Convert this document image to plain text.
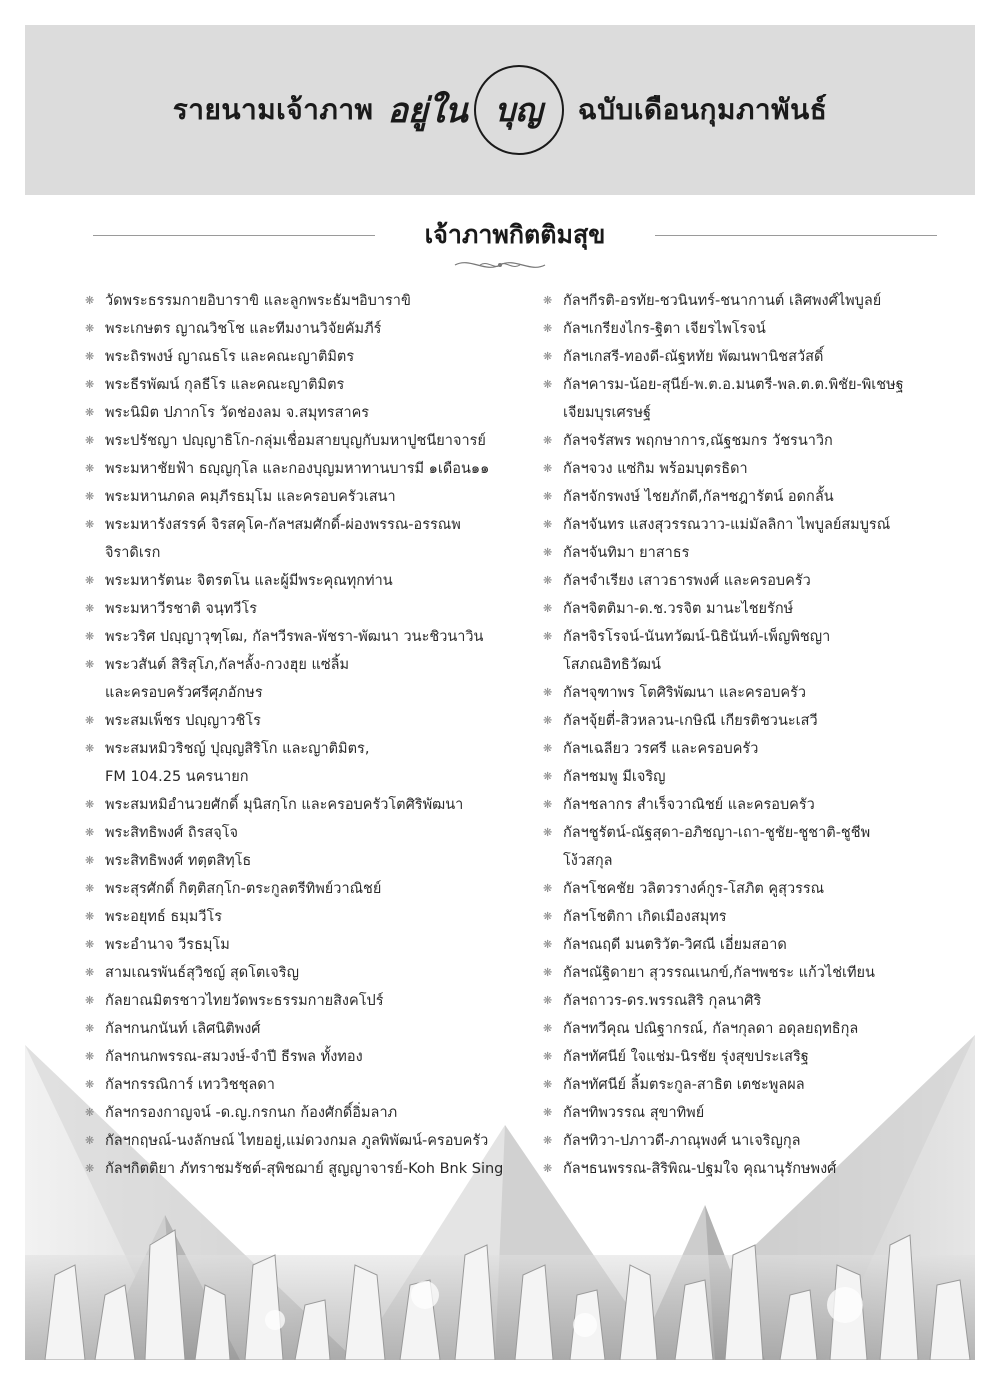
รายนามเจ้าภาพ อยู่ใน บุญ ฉบับเดือนกุมภาพันธ์
เจ้าภาพกิตติมสุข
❋ วัดพระธรรมกายอิบาราขิ และลูกพระธัมฯอิบาราขิ
❋ พระเกษตร ญาณวิชโช และทีมงานวิจัยคัมภีร์
❋ พระถิรพงษ์ ญาณธโร และคณะญาติมิตร
❋ พระธีรพัฒน์ กุลธีโร และคณะญาติมิตร
❋ พระนิมิต ปภากโร วัดช่องลม จ.สมุทรสาคร
❋ พระปรัชญา ปญฺญาธิโก-กลุ่มเชื่อมสายบุญกับมหาปูชนียาจารย์
❋ พระมหาชัยฟ้า ธญฺญกุโล และกองบุญมหาทานบารมี ๑เดือน๑๑
❋ พระมหานภดล คมฺภีรธมฺโม และครอบครัวเสนา
❋ พระมหารังสรรค์ จิรสคุโค-กัลฯสมศักดิ์-ผ่องพรรณ-อรรณพ
จิราดิเรก
❋ พระมหารัตนะ จิตรตโน และผู้มีพระคุณทุกท่าน
❋ พระมหาวีรชาติ จนฺทวีโร
❋ พระวริศ ปญฺญาวุฑฺโฒ, กัลฯวีรพล-พัชรา-พัฒนา วนะชิวนาวิน
❋ พระวสันต์ สิริสุโภ,กัลฯลั้ง-กวงฮุย แซ่ลิ้ม
และครอบครัวศรีศุภอักษร
❋ พระสมเพ็ชร ปญฺญาวชิโร
❋ พระสมหมิวริชญ์ ปุญฺญสิริโก และญาติมิตร,
FM 104.25 นครนายก
❋ พระสมหมิอำนวยศักดิ์ มุนิสกฺโก และครอบครัวโตศิริพัฒนา
❋ พระสิทธิพงศ์ ถิรสจฺโจ
❋ พระสิทธิพงศ์ ทตฺตสิทฺโธ
❋ พระสุรศักดิ์ กิตฺติสกฺโก-ตระกูลตรีทิพย์วาณิชย์
❋ พระอยุทธ์ ธมฺมวีโร
❋ พระอำนาจ วีรธมฺโม
❋ สามเณรพันธ์สุวิชญ์ สุดโตเจริญ
❋ กัลยาณมิตรชาวไทยวัดพระธรรมกายสิงคโปร์
❋ กัลฯกนกนันท์ เลิศนิติพงศ์
❋ กัลฯกนกพรรณ-สมวงษ์-จำปี ธีรพล ทั้งทอง
❋ กัลฯกรรณิการ์ เทววิชชุลดา
❋ กัลฯกรองกาญจน์ -ด.ญ.กรกนก ก้องศักดิ์อิ่มลาภ
❋ กัลฯกฤษณ์-นงลักษณ์ ไทยอยู่,แม่ดวงกมล ภูลพิพัฒน์-ครอบครัว
❋ กัลฯกิตติยา ภัทราชมรัชต์-สุพิชฌาย์ สูญญาจารย์-Koh Bnk Sing
❋ กัลฯกีรติ-อรทัย-ชวนินทร์-ชนากานต์ เลิศพงศ์ไพบูลย์
❋ กัลฯเกรียงไกร-ฐิตา เจียรไพโรจน์
❋ กัลฯเกสรี-ทองดี-ณัฐหทัย พัฒนพานิชสวัสดิ์
❋ กัลฯคารม-น้อย-สุนีย์-พ.ต.อ.มนตรี-พล.ต.ต.พิชัย-พิเชษฐ
เจียมบุรเศรษฐ์
❋ กัลฯจรัสพร พฤกษาการ,ณัฐชมกร วัชรนาวิก
❋ กัลฯจวง แซ่กิม พร้อมบุตรธิดา
❋ กัลฯจักรพงษ์ ไชยภักดี,กัลฯชฎารัตน์ อดกลั้น
❋ กัลฯจันทร แสงสุวรรณวาว-แม่มัลลิกา ไพบูลย์สมบูรณ์
❋ กัลฯจันทิมา ยาสาธร
❋ กัลฯจำเรียง เสาวธารพงศ์ และครอบครัว
❋ กัลฯจิตติมา-ด.ช.วรจิต มานะไชยรักษ์
❋ กัลฯจิรโรจน์-นันทวัฒน์-นิธินันท์-เพ็ญพิชญา
โสภณอิทธิวัฒน์
❋ กัลฯจุฑาพร โตศิริพัฒนา และครอบครัว
❋ กัลฯจุ้ยตี่-สิวหลวน-เกษิณี เกียรติชวนะเสวี
❋ กัลฯเฉลียว วรศรี และครอบครัว
❋ กัลฯชมพู มีเจริญ
❋ กัลฯชลากร สำเร็จวาณิชย์ และครอบครัว
❋ กัลฯชูรัตน์-ณัฐสุดา-อภิชญา-เถา-ชูชัย-ชูชาติ-ชูชีพ
โง้วสกุล
❋ กัลฯโชคชัย วลิตวรางค์กูร-โสภิต คูสุวรรณ
❋ กัลฯโชติกา เกิดเมืองสมุทร
❋ กัลฯณฤดี มนตริวัต-วิศณี เอี่ยมสอาด
❋ กัลฯณัฐิดายา สุวรรณเนกข์,กัลฯพชระ แก้วไช่เทียน
❋ กัลฯถาวร-ดร.พรรณสิริ กุลนาศิริ
❋ กัลฯทวีคุณ ปณิฐากรณ์, กัลฯกุลดา อดุลยฤทธิกุล
❋ กัลฯทัศนีย์ ใจแช่ม-นิรชัย รุ่งสุขประเสริฐ
❋ กัลฯทัศนีย์ ลิ้มตระกูล-สาธิต เตชะพูลผล
❋ กัลฯทิพวรรณ สุขาทิพย์
❋ กัลฯทิวา-ปภาวดี-ภาณุพงศ์ นาเจริญกุล
❋ กัลฯธนพรรณ-สิริพิณ-ปฐมใจ คุณานุรักษพงศ์
